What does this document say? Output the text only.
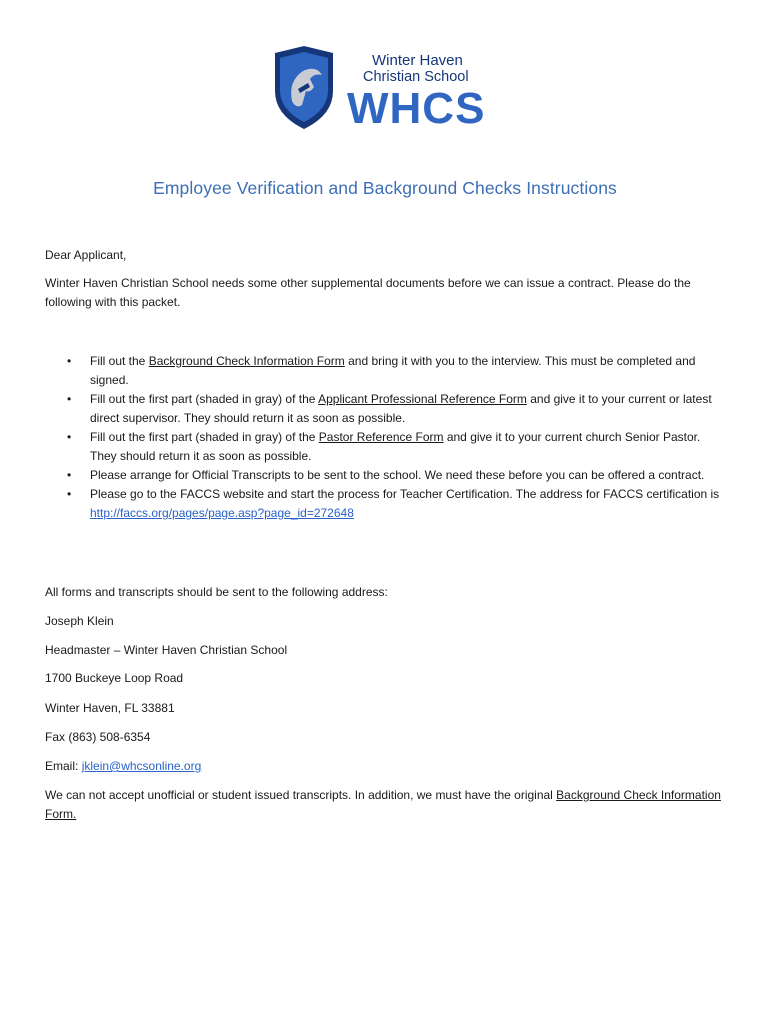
Winter Haven
Christian School
WHCS
Employee Verification and Background Checks Instructions

Dear Applicant,

Winter Haven Christian School needs some other supplemental documents before we can issue a contract. Please do the following with this packet.

• Fill out the Background Check Information Form and bring it with you to the interview. This must be completed and signed.
• Fill out the first part (shaded in gray) of the Applicant Professional Reference Form and give it to your current or latest direct supervisor. They should return it as soon as possible.
• Fill out the first part (shaded in gray) of the Pastor Reference Form and give it to your current church Senior Pastor. They should return it as soon as possible.
• Please arrange for Official Transcripts to be sent to the school. We need these before you can be offered a contract.
• Please go to the FACCS website and start the process for Teacher Certification. The address for FACCS certification is http://faccs.org/pages/page.asp?page_id=272648

All forms and transcripts should be sent to the following address:

Joseph Klein

Headmaster – Winter Haven Christian School

1700 Buckeye Loop Road

Winter Haven, FL 33881

Fax (863) 508-6354

Email: jklein@whcsonline.org

We can not accept unofficial or student issued transcripts. In addition, we must have the original Background Check Information Form.
